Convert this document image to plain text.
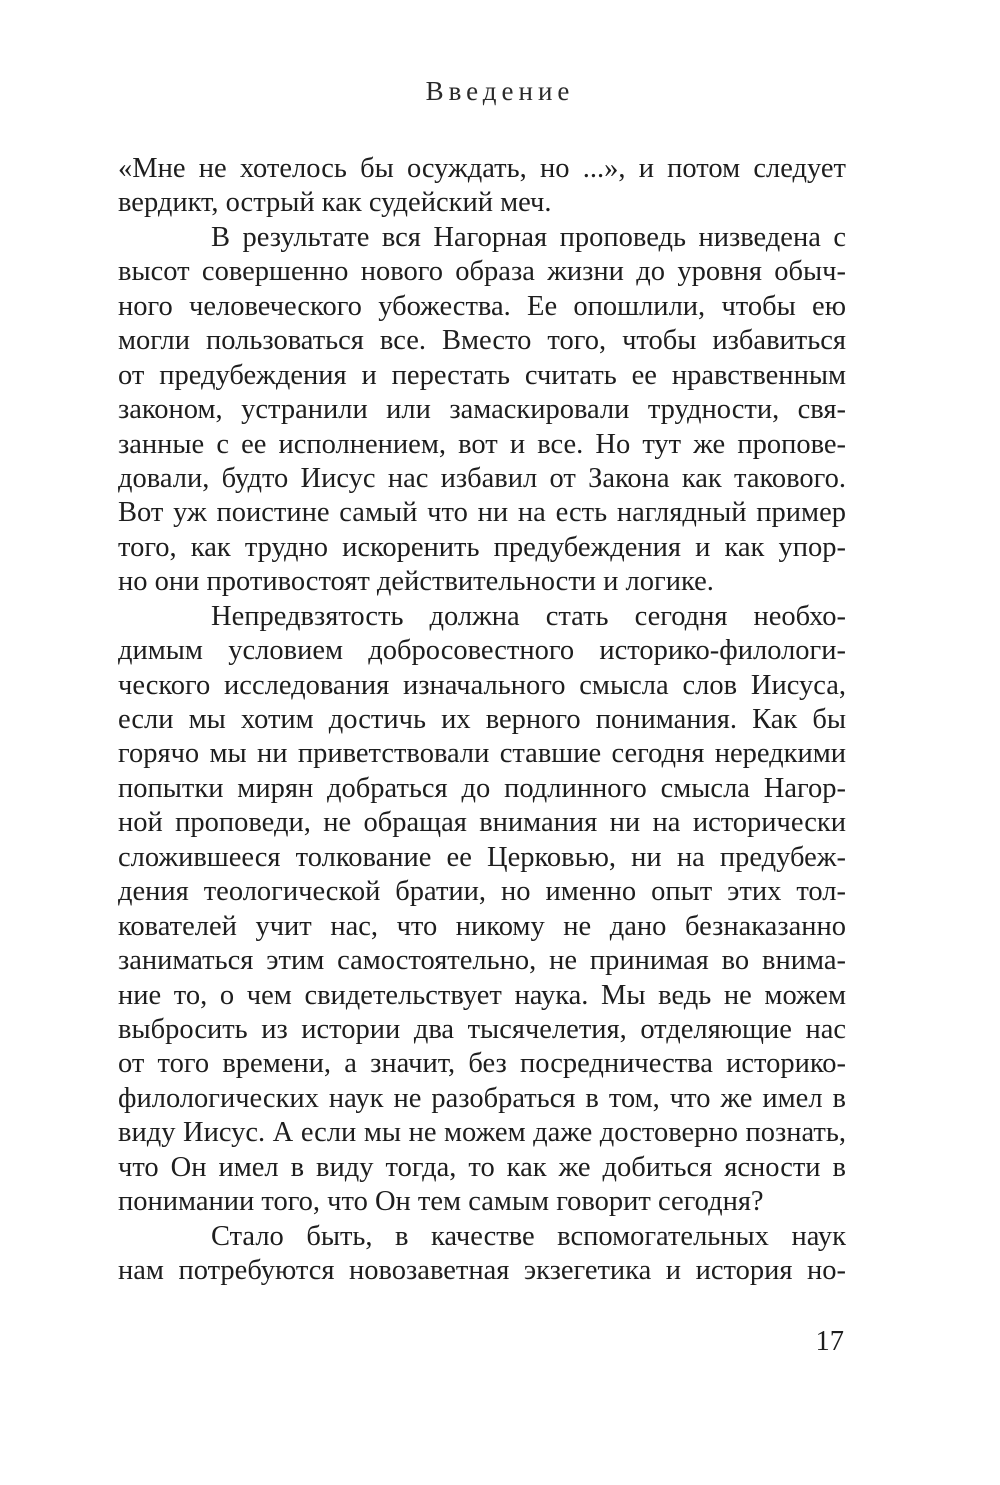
Введение
«Мне не хотелось бы осуждать, но ...», и потом следует
вердикт, острый как судейский меч.
В результате вся Нагорная проповедь низведена с
высот совершенно нового образа жизни до уровня обыч-
ного человеческого убожества. Ее опошлили, чтобы ею
могли пользоваться все. Вместо того, чтобы избавиться
от предубеждения и перестать считать ее нравственным
законом, устранили или замаскировали трудности, свя-
занные с ее исполнением, вот и все. Но тут же пропове-
довали, будто Иисус нас избавил от Закона как такового.
Вот уж поистине самый что ни на есть наглядный пример
того, как трудно искоренить предубеждения и как упор-
но они противостоят действительности и логике.
Непредвзятость должна стать сегодня необхо-
димым условием добросовестного историко-филологи-
ческого исследования изначального смысла слов Иисуса,
если мы хотим достичь их верного понимания. Как бы
горячо мы ни приветствовали ставшие сегодня нередкими
попытки мирян добраться до подлинного смысла Нагор-
ной проповеди, не обращая внимания ни на исторически
сложившееся толкование ее Церковью, ни на предубеж-
дения теологической братии, но именно опыт этих тол-
кователей учит нас, что никому не дано безнаказанно
заниматься этим самостоятельно, не принимая во внима-
ние то, о чем свидетельствует наука. Мы ведь не можем
выбросить из истории два тысячелетия, отделяющие нас
от того времени, а значит, без посредничества историко-
филологических наук не разобраться в том, что же имел в
виду Иисус. А если мы не можем даже достоверно познать,
что Он имел в виду тогда, то как же добиться ясности в
понимании того, что Он тем самым говорит сегодня?
Стало быть, в качестве вспомогательных наук
нам потребуются новозаветная экзегетика и история но-
17
